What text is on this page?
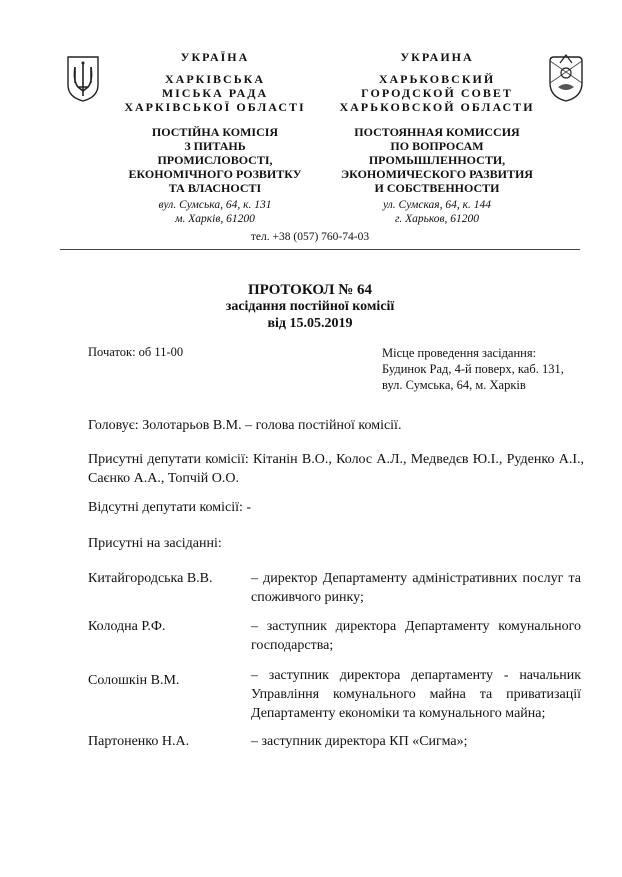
УКРАЇНА
ХАРКІВСЬКА
МІСЬКА РАДА
ХАРКІВСЬКОЇ ОБЛАСТІ
ПОСТІЙНА КОМІСІЯ
З ПИТАНЬ
ПРОМИСЛОВОСТІ,
ЕКОНОМІЧНОГО РОЗВИТКУ
ТА ВЛАСНОСТІ
вул. Сумська, 64, к. 131
м. Харків, 61200
УКРАИНА
ХАРЬКОВСКИЙ
ГОРОДСКОЙ СОВЕТ
ХАРЬКОВСКОЙ ОБЛАСТИ
ПОСТОЯННАЯ КОМИССИЯ
ПО ВОПРОСАМ
ПРОМЫШЛЕННОСТИ,
ЭКОНОМИЧЕСКОГО РАЗВИТИЯ
И СОБСТВЕННОСТИ
ул. Сумская, 64, к. 144
г. Харьков, 61200
тел. +38 (057) 760-74-03
ПРОТОКОЛ № 64
засідання постійної комісії
від 15.05.2019
Початок: об 11-00	Місце проведення засідання:
Будинок Рад, 4-й поверх, каб. 131,
вул. Сумська, 64, м. Харків
Головує: Золотарьов В.М. – голова постійної комісії.
Присутні депутати комісії: Кітанін В.О., Колос А.Л., Медведєв Ю.І., Руденко А.І., Саєнко А.А., Топчій О.О.
Відсутні депутати комісії: -
Присутні на засіданні:
Китайгородська В.В.	– директор Департаменту адміністративних послуг та споживчого ринку;
Колодна Р.Ф.	– заступник директора Департаменту комунального господарства;
Солошкін В.М.	– заступник директора департаменту - начальник Управління комунального майна та приватизації Департаменту економіки та комунального майна;
Партоненко Н.А.	– заступник директора КП «Сигма»;
